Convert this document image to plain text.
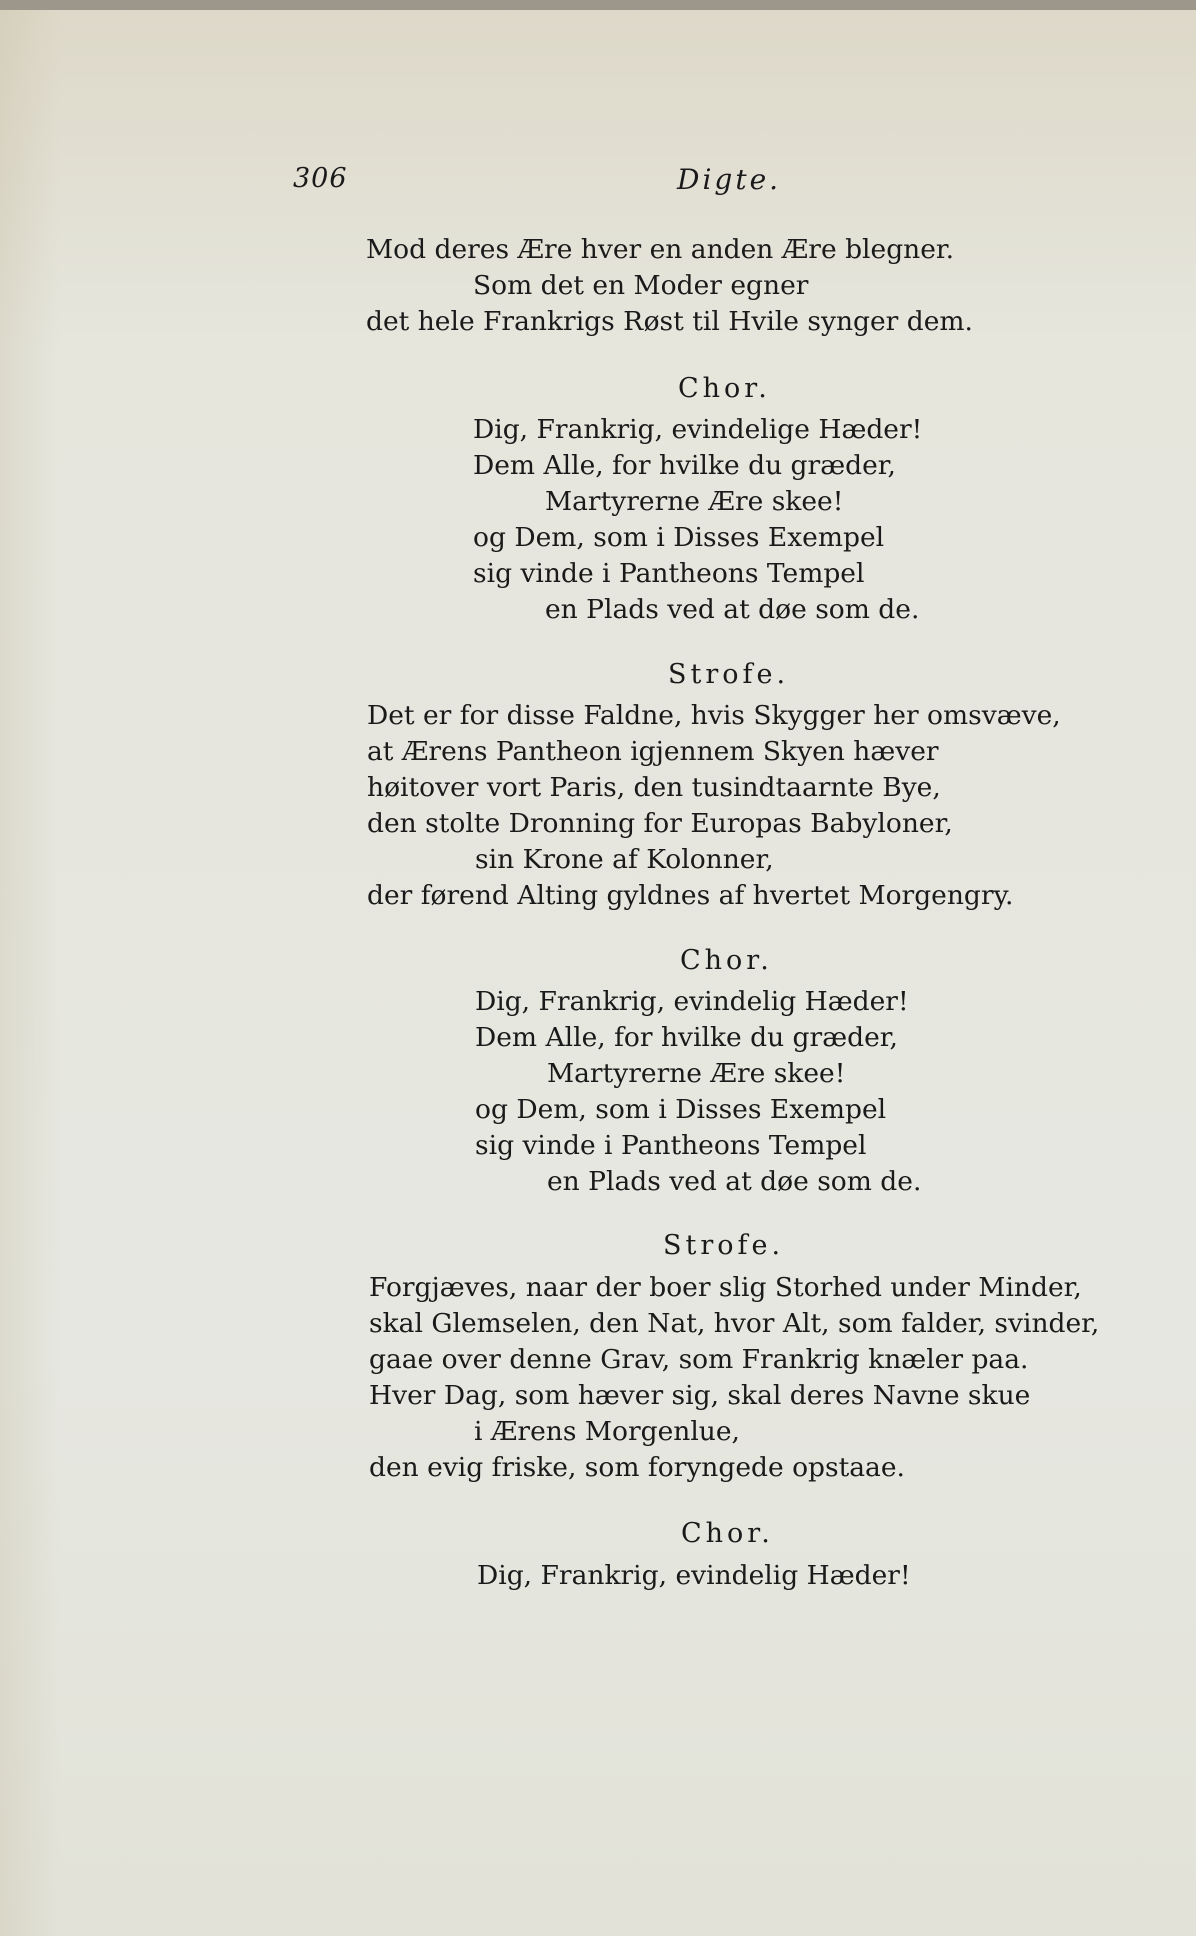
306	Digte.
Mod deres Ære hver en anden Ære blegner.
Som det en Moder egner
det hele Frankrigs Røst til Hvile synger dem.
Chor.
Dig, Frankrig, evindelige Hæder!
Dem Alle, for hvilke du græder,
Martyrerne Ære skee!
og Dem, som i Disses Exempel
sig vinde i Pantheons Tempel
en Plads ved at døe som de.
Strofe.
Det er for disse Faldne, hvis Skygger her omsvæve,
at Ærens Pantheon igjennem Skyen hæver
høitover vort Paris, den tusindtaarnte Bye,
den stolte Dronning for Europas Babyloner,
sin Krone af Kolonner,
der førend Alting gyldnes af hvertet Morgengry.
Chor.
Dig, Frankrig, evindelig Hæder!
Dem Alle, for hvilke du græder,
Martyrerne Ære skee!
og Dem, som i Disses Exempel
sig vinde i Pantheons Tempel
en Plads ved at døe som de.
Strofe.
Forgjæves, naar der boer slig Storhed under Minder,
skal Glemselen, den Nat, hvor Alt, som falder, svinder,
gaae over denne Grav, som Frankrig knæler paa.
Hver Dag, som hæver sig, skal deres Navne skue
i Ærens Morgenlue,
den evig friske, som foryngede opstaae.
Chor.
Dig, Frankrig, evindelig Hæder!
